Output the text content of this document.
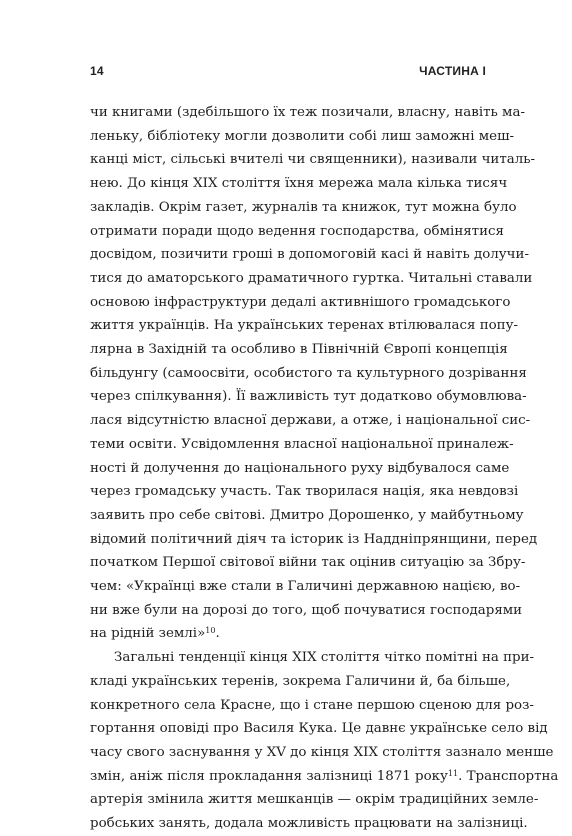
14	ЧАСТИНА I
чи книгами (здебільшого їх теж позичали, власну, навіть ма-
леньку, бібліотеку могли дозволити собі лиш заможні меш-
канці міст, сільські вчителі чи священники), називали читаль-
нею. До кінця XIX століття їхня мережа мала кілька тисяч
закладів. Окрім газет, журналів та книжок, тут можна було
отримати поради щодо ведення господарства, обмінятися
досвідом, позичити гроші в допомоговій касі й навіть долучи-
тися до аматорського драматичного гуртка. Читальні ставали
основою інфраструктури дедалі активнішого громадського
життя українців. На українських теренах втілювалася попу-
лярна в Західній та особливо в Північній Європі концепція
більдунгу (самоосвіти, особистого та культурного дозрівання
через спілкування). Її важливість тут додатково обумовлюва-
лася відсутністю власної держави, а отже, і національної сис-
теми освіти. Усвідомлення власної національної приналеж-
ності й долучення до національного руху відбувалося саме
через громадську участь. Так творилася нація, яка невдовзі
заявить про себе світові. Дмитро Дорошенко, у майбутньому
відомий політичний діяч та історик із Наддніпрянщини, перед
початком Першої світової війни так оцінив ситуацію за Збру-
чем: «Українці вже стали в Галичині державною нацією, во-
ни вже були на дорозі до того, щоб почуватися господарями
на рідній землі»$^{10}$.
Загальні тенденції кінця XIX століття чітко помітні на при-
кладі українських теренів, зокрема Галичини й, ба більше,
конкретного села Красне, що і стане першою сценою для роз-
гортання оповіді про Василя Кука. Це давнє українське село від
часу свого заснування у XV до кінця XIX століття зазнало менше
змін, аніж після прокладання залізниці 1871 року$^{11}$. Транспортна
артерія змінила життя мешканців — окрім традиційних земле-
робських занять, додала можливість працювати на залізниці.
